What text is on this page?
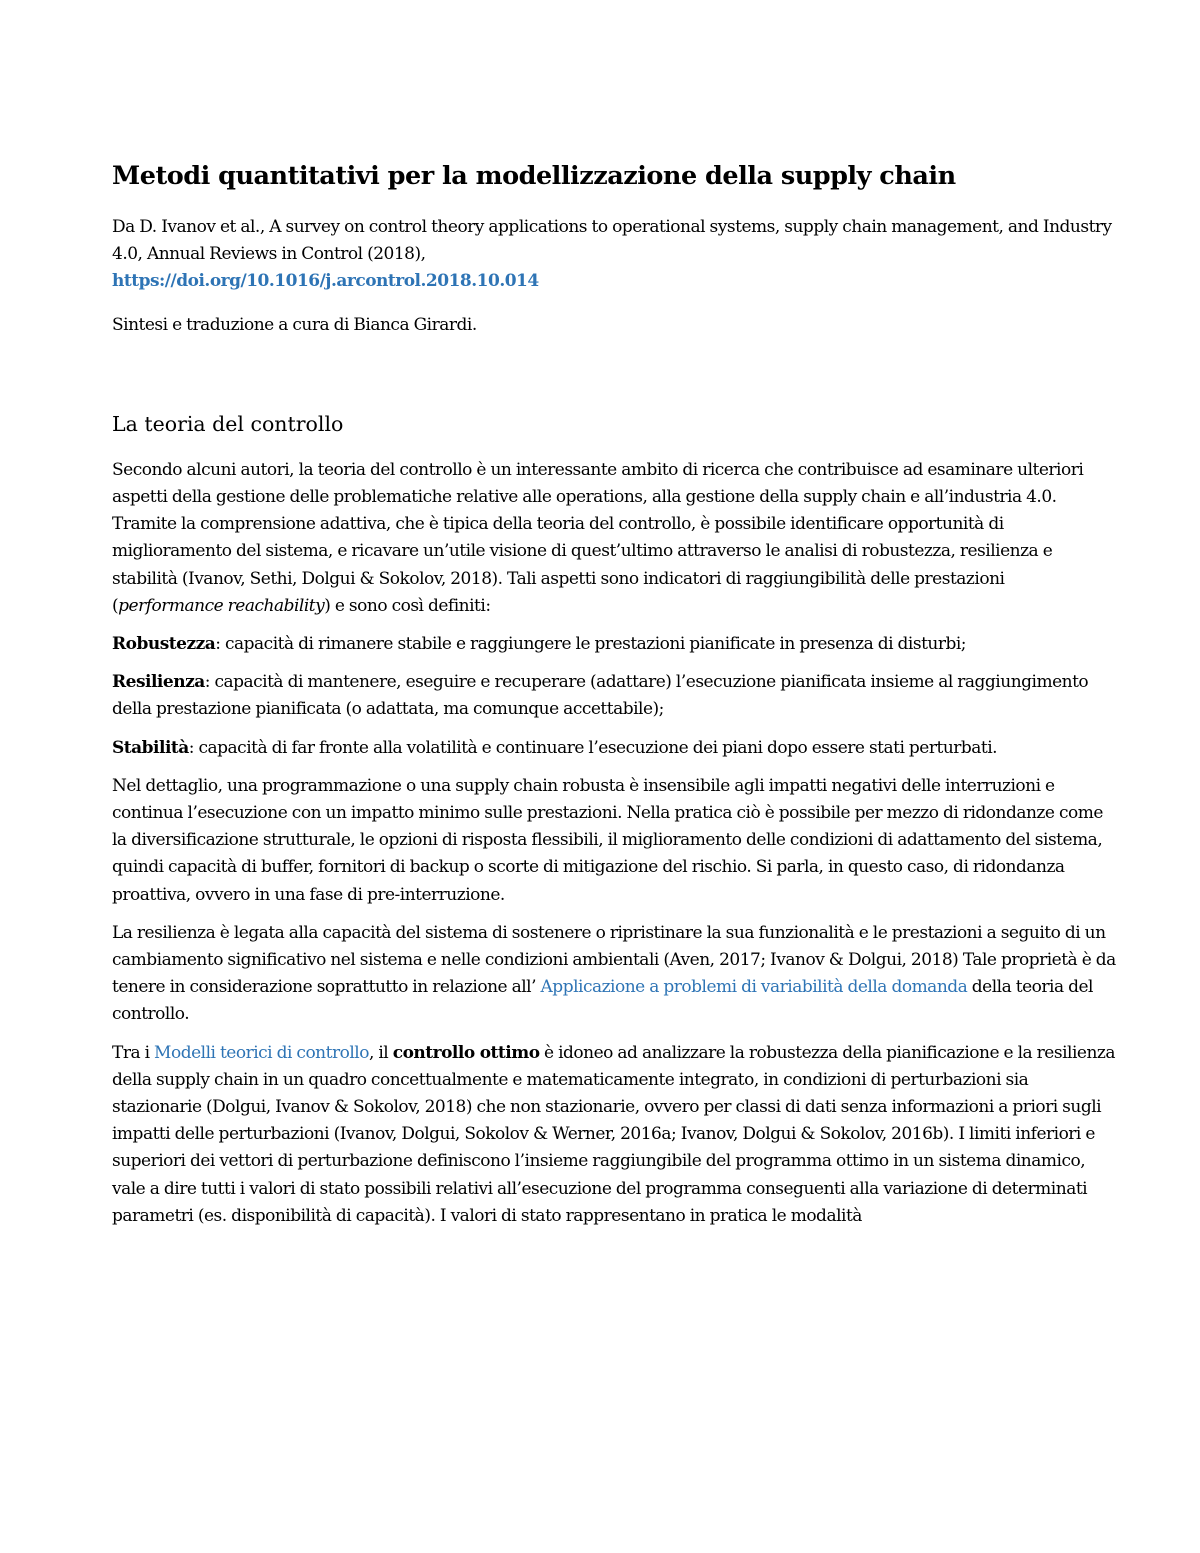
Metodi quantitativi per la modellizzazione della supply chain

Da D. Ivanov et al., A survey on control theory applications to operational systems, supply chain management, and Industry 4.0, Annual Reviews in Control (2018),
https://doi.org/10.1016/j.arcontrol.2018.10.014

Sintesi e traduzione a cura di Bianca Girardi.

La teoria del controllo

Secondo alcuni autori, la teoria del controllo è un interessante ambito di ricerca che contribuisce ad esaminare ulteriori aspetti della gestione delle problematiche relative alle operations, alla gestione della supply chain e all’industria 4.0. Tramite la comprensione adattiva, che è tipica della teoria del controllo, è possibile identificare opportunità di miglioramento del sistema, e ricavare un’utile visione di quest’ultimo attraverso le analisi di robustezza, resilienza e stabilità (Ivanov, Sethi, Dolgui & Sokolov, 2018). Tali aspetti sono indicatori di raggiungibilità delle prestazioni (performance reachability) e sono così definiti:

Robustezza: capacità di rimanere stabile e raggiungere le prestazioni pianificate in presenza di disturbi;

Resilienza: capacità di mantenere, eseguire e recuperare (adattare) l’esecuzione pianificata insieme al raggiungimento della prestazione pianificata (o adattata, ma comunque accettabile);

Stabilità: capacità di far fronte alla volatilità e continuare l’esecuzione dei piani dopo essere stati perturbati.

Nel dettaglio, una programmazione o una supply chain robusta è insensibile agli impatti negativi delle interruzioni e continua l’esecuzione con un impatto minimo sulle prestazioni. Nella pratica ciò è possibile per mezzo di ridondanze come la diversificazione strutturale, le opzioni di risposta flessibili, il miglioramento delle condizioni di adattamento del sistema, quindi capacità di buffer, fornitori di backup o scorte di mitigazione del rischio. Si parla, in questo caso, di ridondanza proattiva, ovvero in una fase di pre-interruzione.

La resilienza è legata alla capacità del sistema di sostenere o ripristinare la sua funzionalità e le prestazioni a seguito di un cambiamento significativo nel sistema e nelle condizioni ambientali (Aven, 2017; Ivanov & Dolgui, 2018) Tale proprietà è da tenere in considerazione soprattutto in relazione all’ Applicazione a problemi di variabilità della domanda della teoria del controllo.

Tra i Modelli teorici di controllo, il controllo ottimo è idoneo ad analizzare la robustezza della pianificazione e la resilienza della supply chain in un quadro concettualmente e matematicamente integrato, in condizioni di perturbazioni sia stazionarie (Dolgui, Ivanov & Sokolov, 2018) che non stazionarie, ovvero per classi di dati senza informazioni a priori sugli impatti delle perturbazioni (Ivanov, Dolgui, Sokolov & Werner, 2016a; Ivanov, Dolgui & Sokolov, 2016b). I limiti inferiori e superiori dei vettori di perturbazione definiscono l’insieme raggiungibile del programma ottimo in un sistema dinamico, vale a dire tutti i valori di stato possibili relativi all’esecuzione del programma conseguenti alla variazione di determinati parametri (es. disponibilità di capacità). I valori di stato rappresentano in pratica le modalità
